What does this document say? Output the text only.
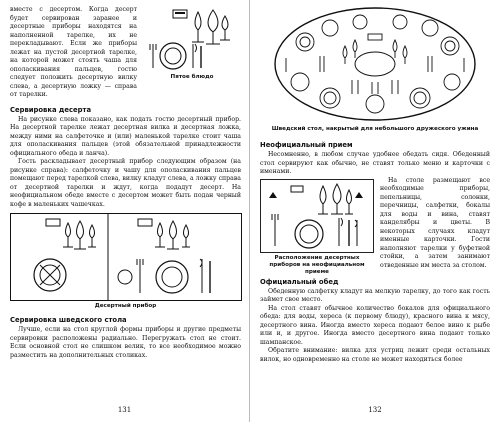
Пятое блюдо

вместе с десертом. Когда десерт будет сервирован заранее и десертные приборы находятся на наполненной тарелке, их не перекладывают. Если же приборы лежат на пустой десертной тарелке, на которой может стоять чаша для ополаскивания пальцев, гостю следует положить десертную вилку слева, а десертную ложку — справа от тарелки.

Сервировка десерта

На рисунке слева показано, как подать гостю десертный прибор. На десертной тарелке лежат десертная вилка и десертная ложка, между ними на салфеточке и (или) маленькой тарелке стоит чаша для ополаскивания пальцев (этой обязательной принадлежности официального обеда и ланча).

Гость раскладывает десертный прибор следующим образом (на рисунке справа): салфеточку и чашу для ополаскивания пальцев помещают перед тарелкой слева, вилку кладут слева, а ложку справа от десертной тарелки и ждут, когда подадут десерт. На неофициальном обеде вместе с десертом может быть подан черный кофе в маленьких чашечках.

Десертный прибор
Сервировка шведского стола

Лучше, если на стол круглой формы приборы и другие предметы сервировки расположены радиально. Перегружать стол не стоит. Если основной стол не слишком велик, то все необходимое можно разместить на дополнительных столиках.

131
Шведский стол, накрытый для небольшого дружеского ужина
Неофициальный прием

Несомненно, в любом случае удобнее обедать сидя. Обеденный стол сервируют как обычно, не ставят только меню и карточки с именами.

Расположение десертных приборов на неофициальном приеме

На столе размещают все необходимые приборы, пепельницы, солонки, перечницы, салфетки, бокалы для воды и вина, ставят канделябры и цветы. В некоторых случаях кладут именные карточки. Гости наполняют тарелки у буфетной стойки, а затем занимают отведенные им места за столом.

Официальный обед

Обеденную салфетку кладут на мелкую тарелку, до того как гость займет свое место.

На стол ставят обычное количество бокалов для официального обеда: для воды, хереса (к первому блюду), красного вина к мясу, десертного вина. Иногда вместо хереса подают белое вино к рыбе или и, и другое. Иногда вместо десертного вина подают только шампанское.

Обратите внимание: вилка для устриц лежит среди остальных вилок, но одновременно на столе не может находиться более

132
